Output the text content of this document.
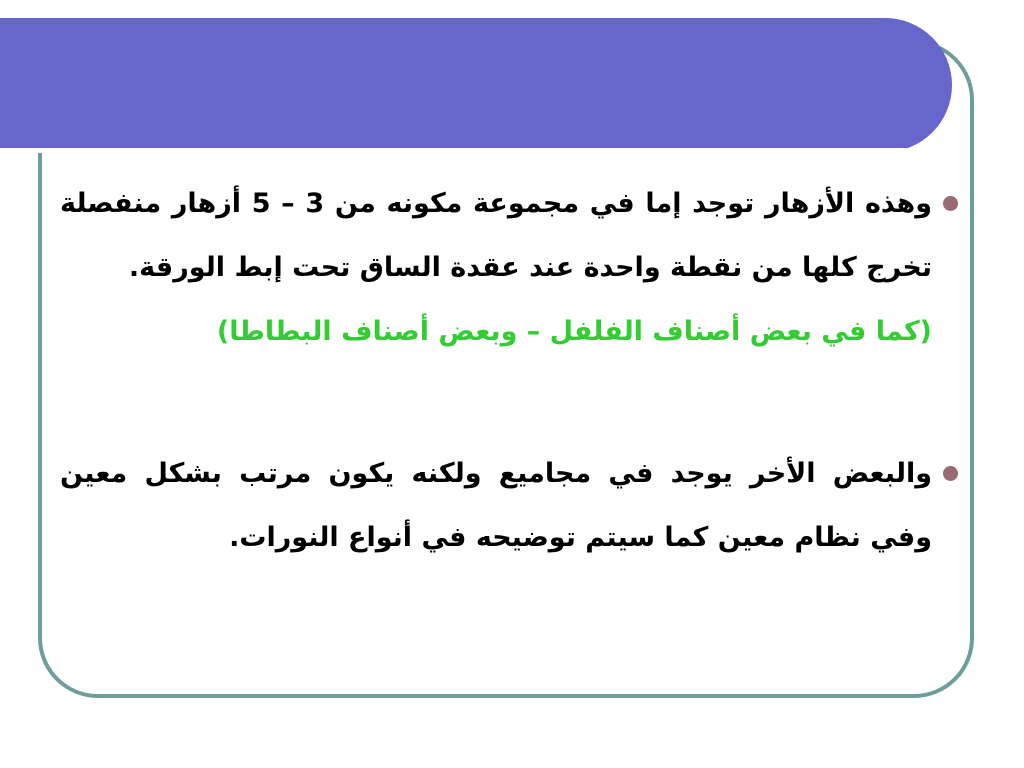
وهذه الأزهار توجد إما في مجموعة مكونه من 3 – 5 أزهار منفصلة تخرج كلها من نقطة واحدة عند عقدة الساق تحت إبط الورقة.
(كما في بعض أصناف الفلفل – وبعض أصناف البطاطا)
والبعض الأخر يوجد في مجاميع ولكنه يكون مرتب بشكل معين وفي نظام معين كما سيتم توضيحه في أنواع النورات.
